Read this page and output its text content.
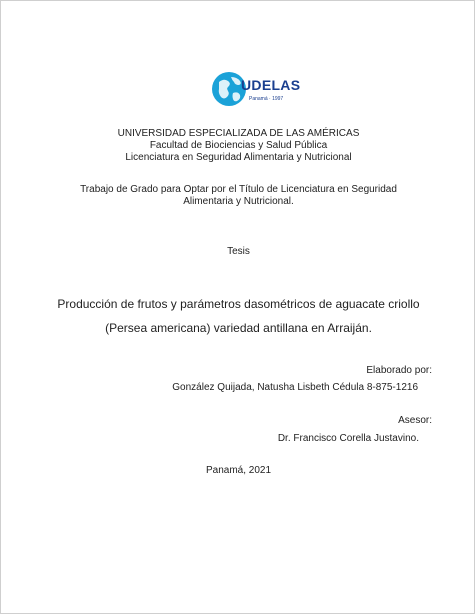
UDELAS
Panamá · 1997
UNIVERSIDAD ESPECIALIZADA DE LAS AMÉRICAS
Facultad de Biociencias y Salud Pública
Licenciatura en Seguridad Alimentaria y Nutricional
Trabajo de Grado para Optar por el Título de Licenciatura en Seguridad
Alimentaria y Nutricional.
Tesis
Producción de frutos y parámetros dasométricos de aguacate criollo
(Persea americana) variedad antillana en Arraiján.
Elaborado por:
González Quijada, Natusha Lisbeth Cédula 8-875-1216
Asesor:
Dr. Francisco Corella Justavino.
Panamá, 2021
